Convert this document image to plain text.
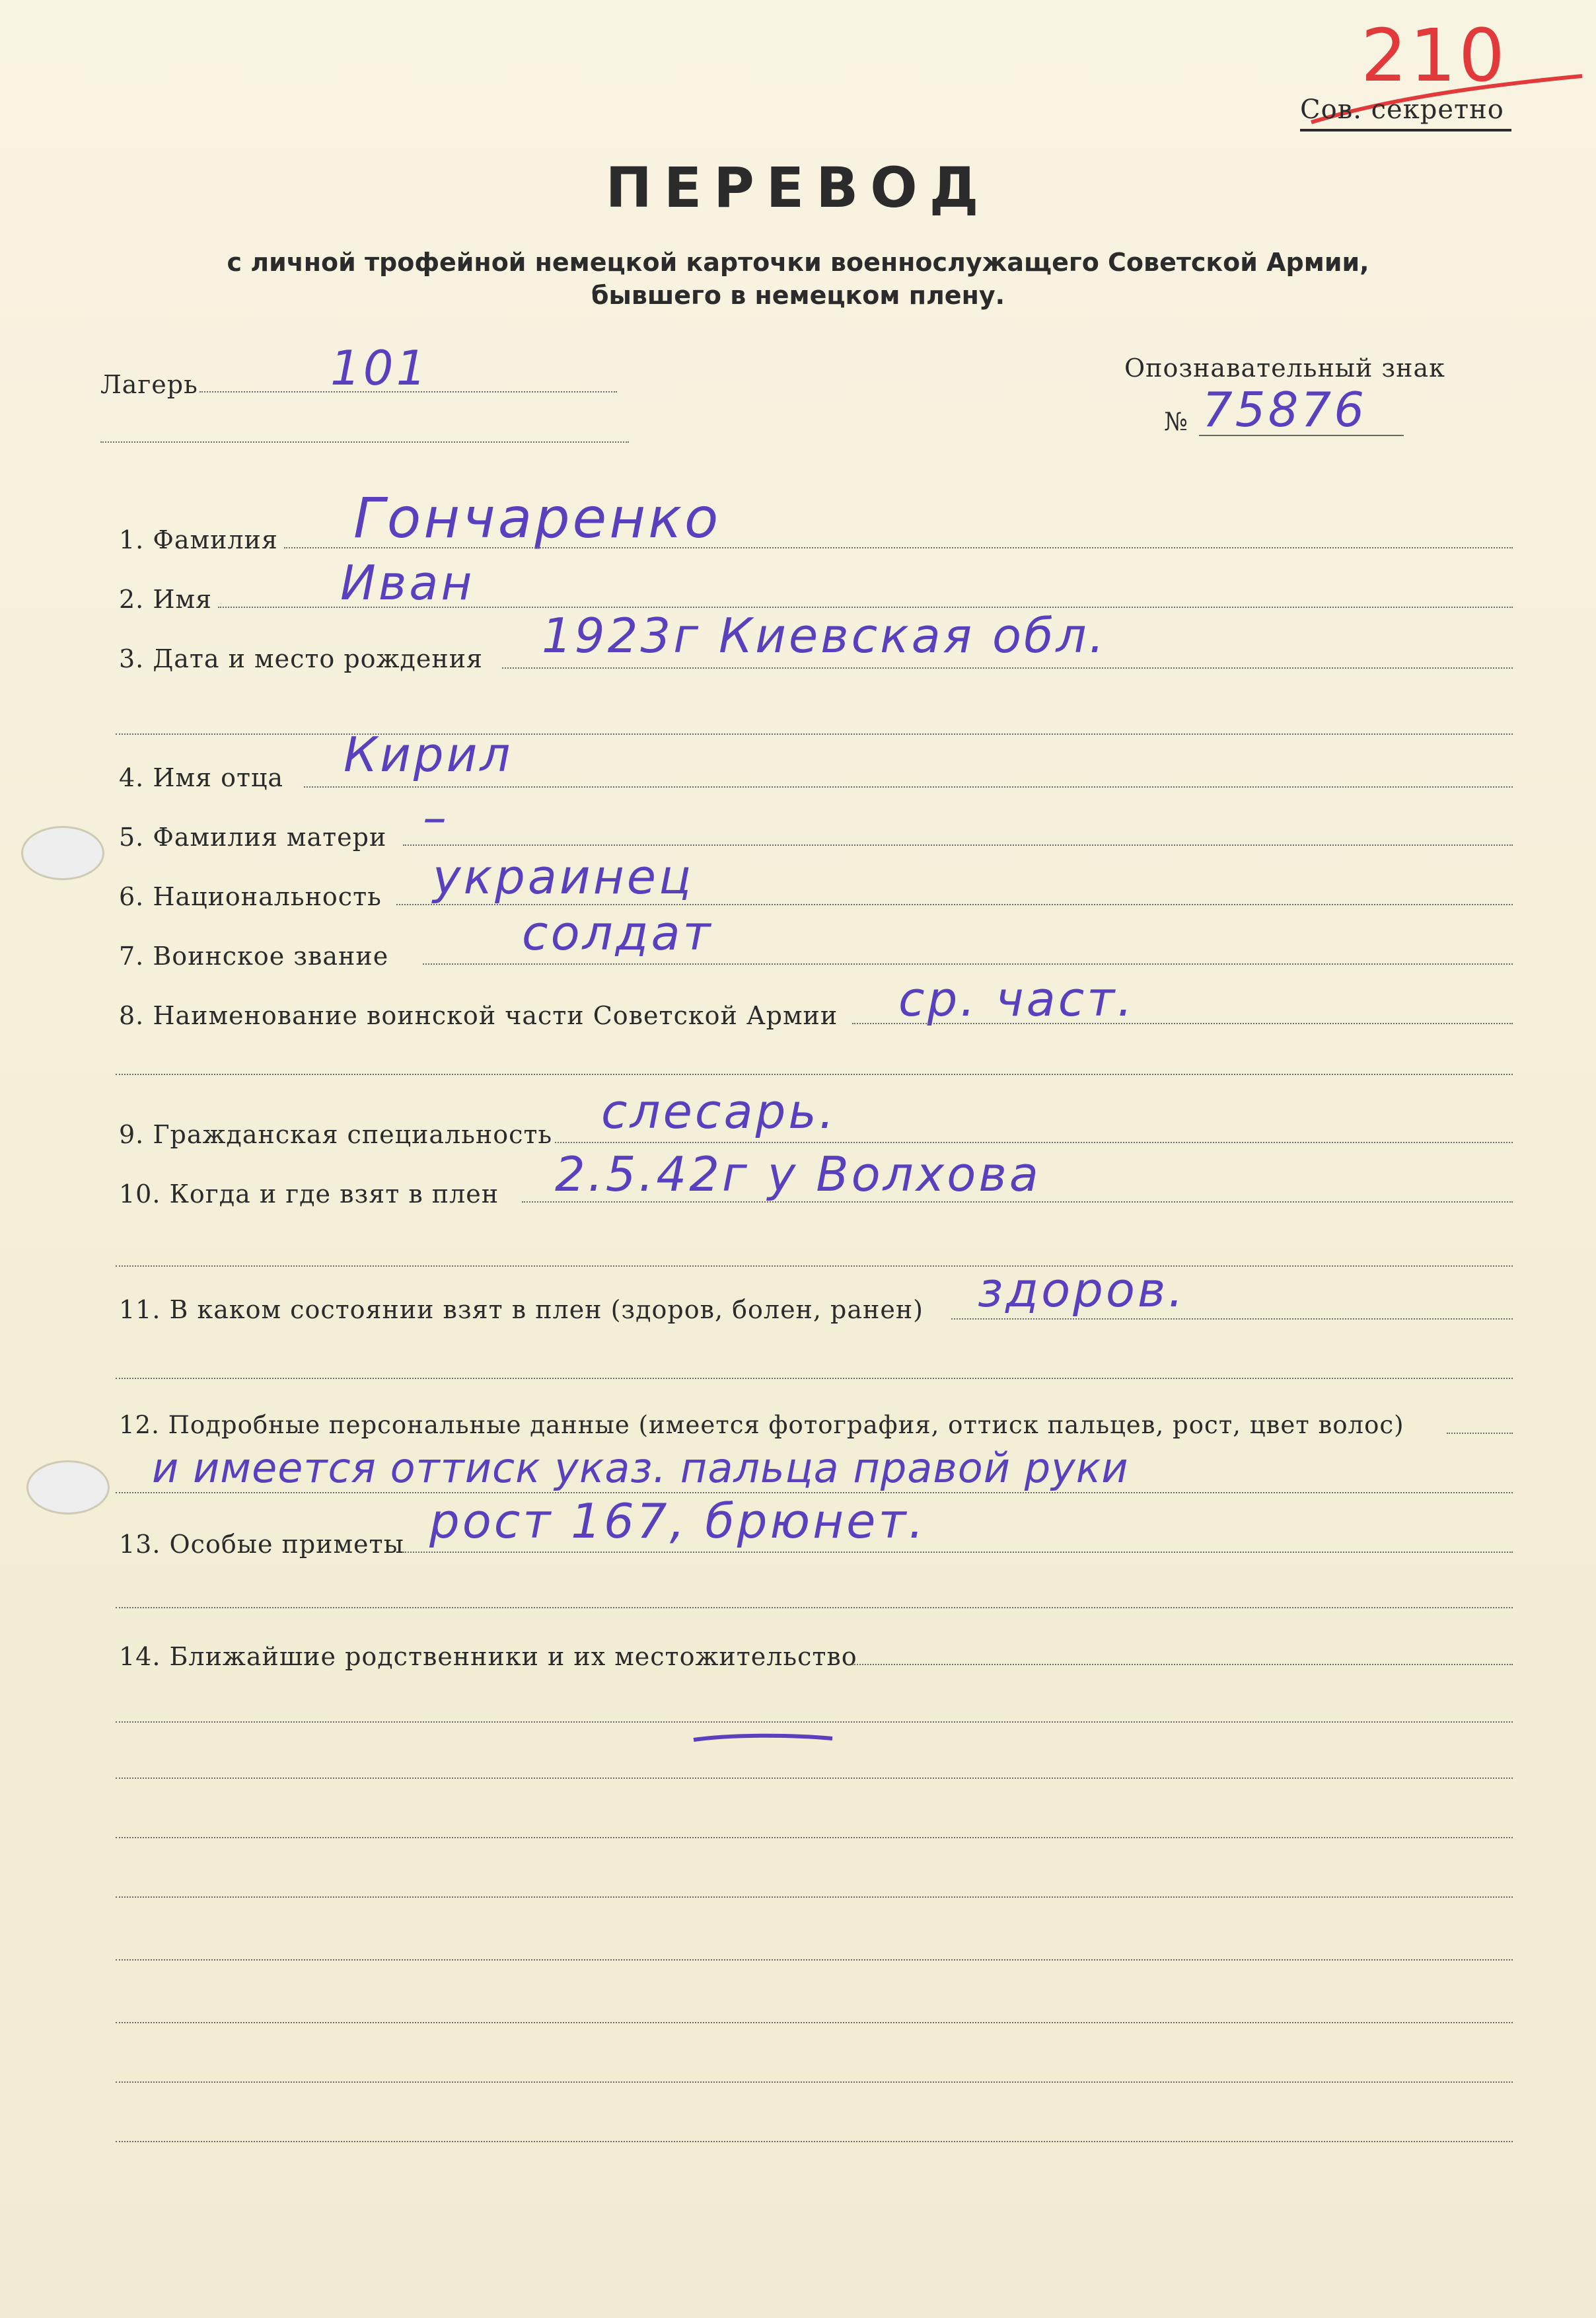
210
Сов. секретно
ПЕРЕВОД
с личной трофейной немецкой карточки военнослужащего Советской Армии,
бывшего в немецком плену.
Лагерь	101	Опознавательный знак
№ 75876
1. Фамилия Гончаренко
2. Имя	Иван
3. Дата и место рождения 1923г Киевская обл.
4. Имя отца Кирил
5. Фамилия матери –
6. Национальность украинец
7. Воинское звание	солдат
8. Наименование воинской части Советской Армии ср. част.
9. Гражданская специальность слесарь.
10. Когда и где взят в плен 2.5.42г у Волхова
11. В каком состоянии взят в плен (здоров, болен, ранен) здоров.
12. Подробные персональные данные (имеется фотография, оттиск пальцев, рост, цвет волос)
и имеется оттиск указ. пальца правой руки
13. Особые приметы рост 167, брюнет.
14. Ближайшие родственники и их местожительство
